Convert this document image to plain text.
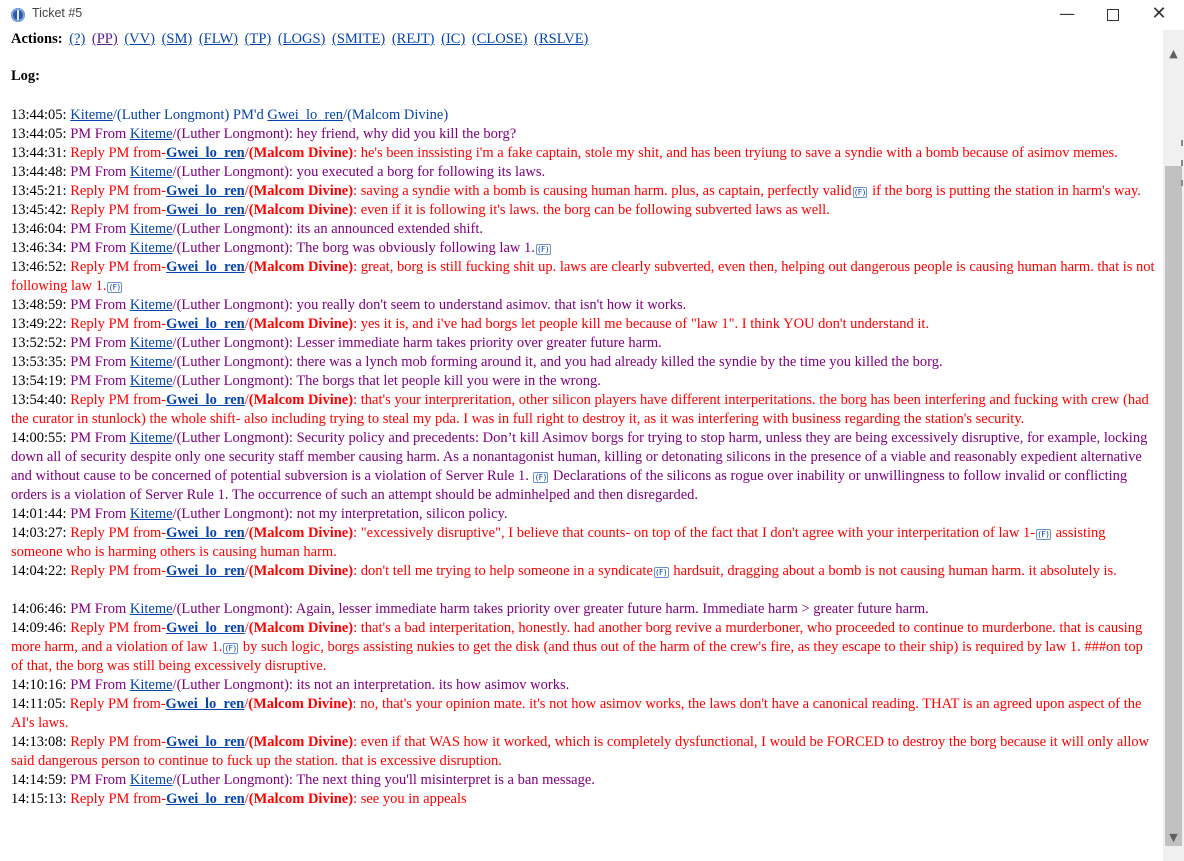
Ticket #5	—	✕
Actions: (?) (PP) (VV) (SM) (FLW) (TP) (LOGS) (SMITE) (REJT) (IC) (CLOSE) (RSLVE)
Log:
13:44:05: Kiteme/(Luther Longmont) PM'd Gwei_lo_ren/(Malcom Divine)
13:44:05: PM From Kiteme/(Luther Longmont): hey friend, why did you kill the borg?
13:44:31: Reply PM from-Gwei_lo_ren/(Malcom Divine): he's been inssisting i'm a fake captain, stole my shit, and has been tryiung to save a syndie with a bomb because of asimov memes.
13:44:48: PM From Kiteme/(Luther Longmont): you executed a borg for following its laws.
13:45:21: Reply PM from-Gwei_lo_ren/(Malcom Divine): saving a syndie with a bomb is causing human harm. plus, as captain, perfectly valid (F) if the borg is putting the station in harm's way.
13:45:42: Reply PM from-Gwei_lo_ren/(Malcom Divine): even if it is following it's laws. the borg can be following subverted laws as well.
13:46:04: PM From Kiteme/(Luther Longmont): its an announced extended shift.
13:46:34: PM From Kiteme/(Luther Longmont): The borg was obviously following law 1. (F)
13:46:52: Reply PM from-Gwei_lo_ren/(Malcom Divine): great, borg is still fucking shit up. laws are clearly subverted, even then, helping out dangerous people is causing human harm. that is not following law 1. (F)
13:48:59: PM From Kiteme/(Luther Longmont): you really don't seem to understand asimov. that isn't how it works.
13:49:22: Reply PM from-Gwei_lo_ren/(Malcom Divine): yes it is, and i've had borgs let people kill me because of "law 1". I think YOU don't understand it.
13:52:52: PM From Kiteme/(Luther Longmont): Lesser immediate harm takes priority over greater future harm.
13:53:35: PM From Kiteme/(Luther Longmont): there was a lynch mob forming around it, and you had already killed the syndie by the time you killed the borg.
13:54:19: PM From Kiteme/(Luther Longmont): The borgs that let people kill you were in the wrong.
13:54:40: Reply PM from-Gwei_lo_ren/(Malcom Divine): that's your interpreritation, other silicon players have different interperitations. the borg has been interfering and fucking with crew (had the curator in stunlock) the whole shift- also including trying to steal my pda. I was in full right to destroy it, as it was interfering with business regarding the station's security.
14:00:55: PM From Kiteme/(Luther Longmont): Security policy and precedents: Don’t kill Asimov borgs for trying to stop harm, unless they are being excessively disruptive, for example, locking down all of security despite only one security staff member causing harm. As a nonantagonist human, killing or detonating silicons in the presence of a viable and reasonably expedient alternative and without cause to be concerned of potential subversion is a violation of Server Rule 1. (F) Declarations of the silicons as rogue over inability or unwillingness to follow invalid or conflicting orders is a violation of Server Rule 1. The occurrence of such an attempt should be adminhelped and then disregarded.
14:01:44: PM From Kiteme/(Luther Longmont): not my interpretation, silicon policy.
14:03:27: Reply PM from-Gwei_lo_ren/(Malcom Divine): "excessively disruptive", I believe that counts- on top of the fact that I don't agree with your interperitation of law 1- (F) assisting someone who is harming others is causing human harm.
14:04:22: Reply PM from-Gwei_lo_ren/(Malcom Divine): don't tell me trying to help someone in a syndicate (F) hardsuit, dragging about a bomb is not causing human harm. it absolutely is.
14:06:46: PM From Kiteme/(Luther Longmont): Again, lesser immediate harm takes priority over greater future harm. Immediate harm > greater future harm.
14:09:46: Reply PM from-Gwei_lo_ren/(Malcom Divine): that's a bad interperitation, honestly. had another borg revive a murderboner, who proceeded to continue to murderbone. that is causing more harm, and a violation of law 1. (F) by such logic, borgs assisting nukies to get the disk (and thus out of the harm of the crew's fire, as they escape to their ship) is required by law 1. ###on top of that, the borg was still being excessively disruptive.
14:10:16: PM From Kiteme/(Luther Longmont): its not an interpretation. its how asimov works.
14:11:05: Reply PM from-Gwei_lo_ren/(Malcom Divine): no, that's your opinion mate. it's not how asimov works, the laws don't have a canonical reading. THAT is an agreed upon aspect of the AI's laws.
14:13:08: Reply PM from-Gwei_lo_ren/(Malcom Divine): even if that WAS how it worked, which is completely dysfunctional, I would be FORCED to destroy the borg because it will only allow said dangerous person to continue to fuck up the station. that is excessive disruption.
14:14:59: PM From Kiteme/(Luther Longmont): The next thing you'll misinterpret is a ban message.
14:15:13: Reply PM from-Gwei_lo_ren/(Malcom Divine): see you in appeals
▲
▼
